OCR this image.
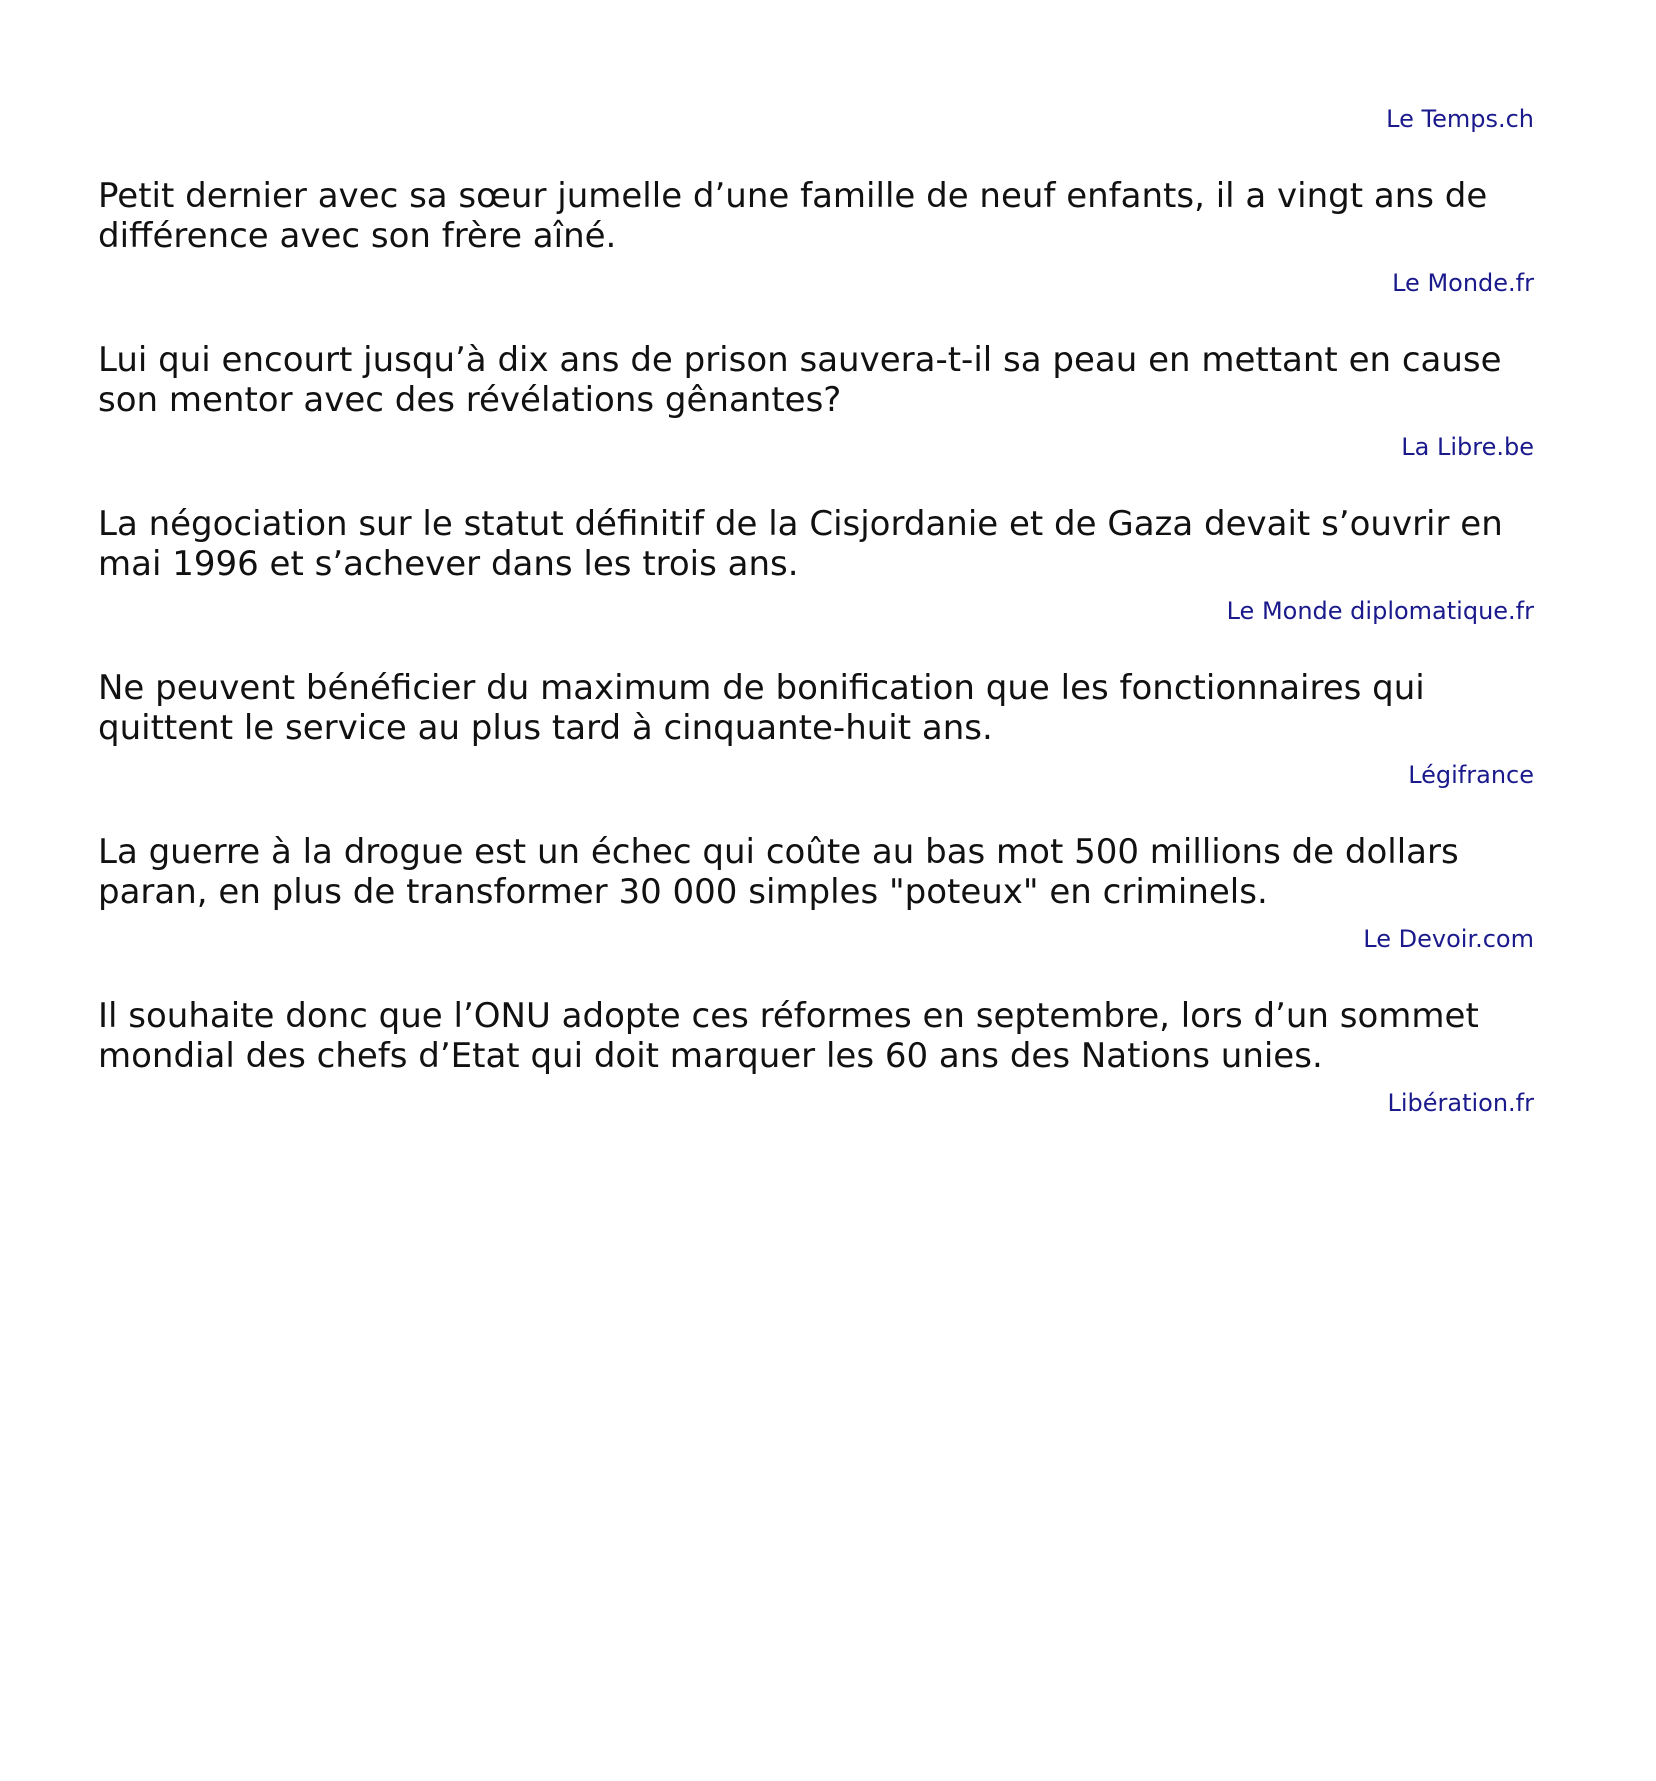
Le Temps.ch

Petit dernier avec sa sœur jumelle d’une famille de neuf enfants, il a vingt ans de différence avec son frère aîné.

Le Monde.fr

Lui qui encourt jusqu’à dix ans de prison sauvera-t-il sa peau en mettant en cause son mentor avec des révélations gênantes?

La Libre.be

La négociation sur le statut définitif de la Cisjordanie et de Gaza devait s’ouvrir en mai 1996 et s’achever dans les trois ans.

Le Monde diplomatique.fr

Ne peuvent bénéficier du maximum de bonification que les fonctionnaires qui quittent le service au plus tard à cinquante-huit ans.

Légifrance

La guerre à la drogue est un échec qui coûte au bas mot 500 millions de dollars paran, en plus de transformer 30 000 simples "poteux" en criminels.

Le Devoir.com

Il souhaite donc que l’ONU adopte ces réformes en septembre, lors d’un sommet mondial des chefs d’Etat qui doit marquer les 60 ans des Nations unies.

Libération.fr
